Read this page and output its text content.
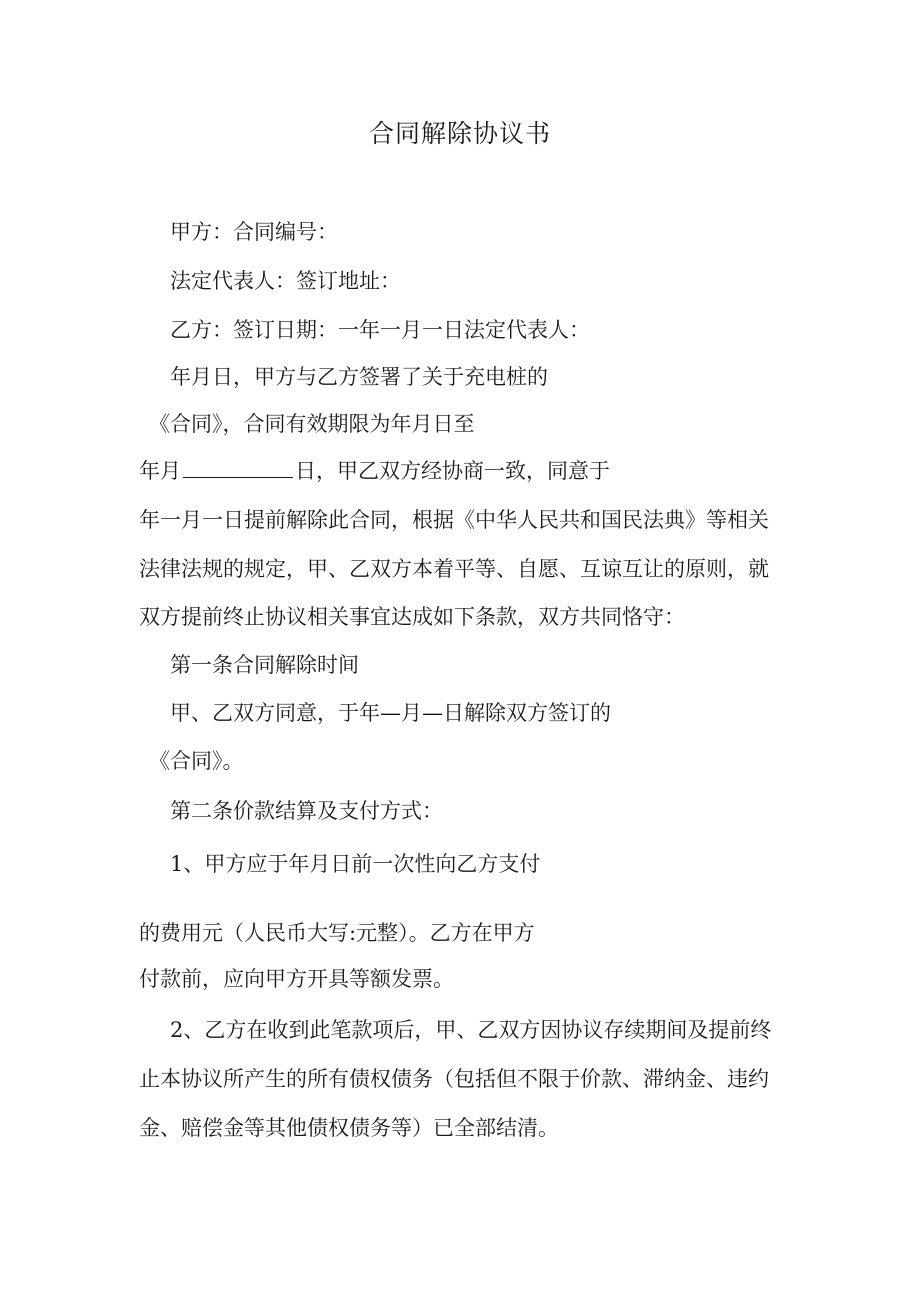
合同解除协议书
甲方：合同编号：
法定代表人：签订地址：
乙方：签订日期：一年一月一日法定代表人：
年月日，甲方与乙方签署了关于充电桩的
《合同》，合同有效期限为年月日至
年月	日，甲乙双方经协商一致，同意于
年一月一日提前解除此合同，根据《中华人民共和国民法典》等相关
法律法规的规定，甲、乙双方本着平等、自愿、互谅互让的原则，就
双方提前终止协议相关事宜达成如下条款，双方共同恪守：
第一条合同解除时间
甲、乙双方同意，于年—月—日解除双方签订的
《合同》。
第二条价款结算及支付方式：
1、甲方应于年月日前一次性向乙方支付
的费用元（人民币大写:元整）。乙方在甲方
付款前，应向甲方开具等额发票。
2、乙方在收到此笔款项后，甲、乙双方因协议存续期间及提前终
止本协议所产生的所有债权债务（包括但不限于价款、滞纳金、违约
金、赔偿金等其他债权债务等）已全部结清。
